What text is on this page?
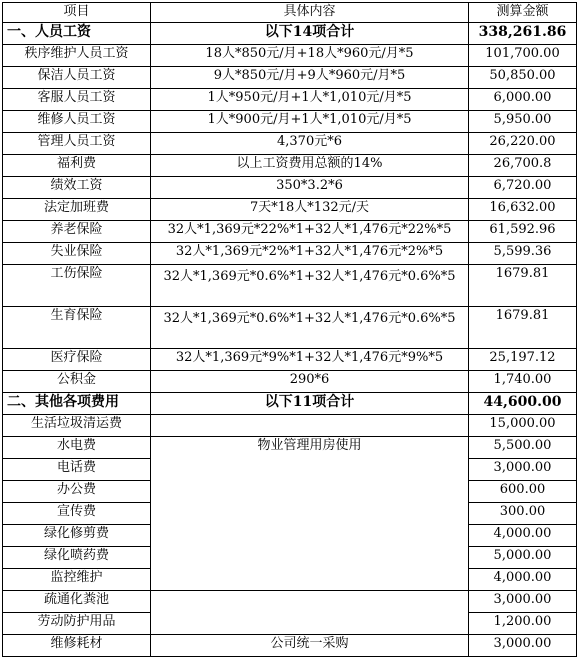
项目	具体内容	测算金额
一、人员工资	以下14项合计	338,261.86
秩序维护人员工资	18人*850元/月+18人*960元/月*5	101,700.00
保洁人员工资	9人*850元/月+9人*960元/月*5	50,850.00
客服人员工资	1人*950元/月+1人*1,010元/月*5	6,000.00
维修人员工资	1人*900元/月+1人*1,010元/月*5	5,950.00
管理人员工资	4,370元*6	26,220.00
福利费	以上工资费用总额的14%	26,700.8
绩效工资	350*3.2*6	6,720.00
法定加班费	7天*18人*132元/天	16,632.00
养老保险	32人*1,369元*22%*1+32人*1,476元*22%*5	61,592.96
失业保险	32人*1,369元*2%*1+32人*1,476元*2%*5	5,599.36
工伤保险	32人*1,369元*0.6%*1+32人*1,476元*0.6%*5	1679.81
生育保险	32人*1,369元*0.6%*1+32人*1,476元*0.6%*5	1679.81
医疗保险	32人*1,369元*9%*1+32人*1,476元*9%*5	25,197.12
公积金	290*6	1,740.00
二、其他各项费用	以下11项合计	44,600.00
生活垃圾清运费		15,000.00
水电费	物业管理用房使用	5,500.00
电话费		3,000.00
办公费		600.00
宣传费		300.00
绿化修剪费		4,000.00
绿化喷药费		5,000.00
监控维护		4,000.00
疏通化粪池		3,000.00
劳动防护用品		1,200.00
维修耗材	公司统一采购	3,000.00
